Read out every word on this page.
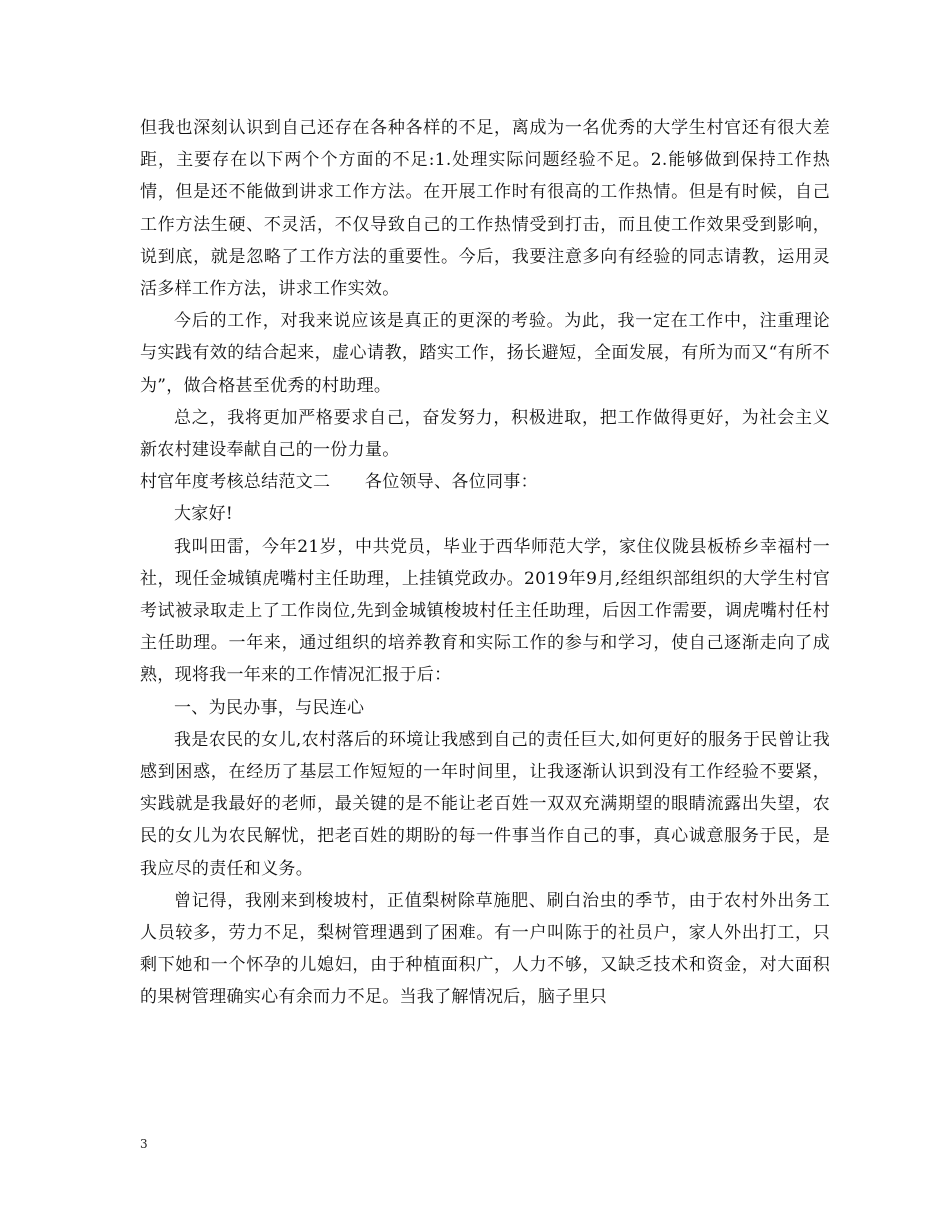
但我也深刻认识到自己还存在各种各样的不足，离成为一名优秀的大学生村官还有很大差距，主要存在以下两个个方面的不足:1.处理实际问题经验不足。2.能够做到保持工作热情，但是还不能做到讲求工作方法。在开展工作时有很高的工作热情。但是有时候，自己工作方法生硬、不灵活，不仅导致自己的工作热情受到打击，而且使工作效果受到影响，说到底，就是忽略了工作方法的重要性。今后，我要注意多向有经验的同志请教，运用灵活多样工作方法，讲求工作实效。

今后的工作，对我来说应该是真正的更深的考验。为此，我一定在工作中，注重理论与实践有效的结合起来，虚心请教，踏实工作，扬长避短，全面发展，有所为而又“有所不为”，做合格甚至优秀的村助理。

总之，我将更加严格要求自己，奋发努力，积极进取，把工作做得更好，为社会主义新农村建设奉献自己的一份力量。

村官年度考核总结范文二　　各位领导、各位同事：

大家好!

我叫田雷，今年21岁，中共党员，毕业于西华师范大学，家住仪陇县板桥乡幸福村一社，现任金城镇虎嘴村主任助理，上挂镇党政办。2019年9月,经组织部组织的大学生村官考试被录取走上了工作岗位,先到金城镇梭坡村任主任助理，后因工作需要，调虎嘴村任村主任助理。一年来，通过组织的培养教育和实际工作的参与和学习，使自己逐渐走向了成熟，现将我一年来的工作情况汇报于后：

一、为民办事，与民连心

我是农民的女儿,农村落后的环境让我感到自己的责任巨大,如何更好的服务于民曾让我感到困惑，在经历了基层工作短短的一年时间里，让我逐渐认识到没有工作经验不要紧，实践就是我最好的老师，最关键的是不能让老百姓一双双充满期望的眼睛流露出失望，农民的女儿为农民解忧，把老百姓的期盼的每一件事当作自己的事，真心诚意服务于民，是我应尽的责任和义务。

曾记得，我刚来到梭坡村，正值梨树除草施肥、刷白治虫的季节，由于农村外出务工人员较多，劳力不足，梨树管理遇到了困难。有一户叫陈于的社员户，家人外出打工，只剩下她和一个怀孕的儿媳妇，由于种植面积广，人力不够，又缺乏技术和资金，对大面积的果树管理确实心有余而力不足。当我了解情况后，脑子里只

3
